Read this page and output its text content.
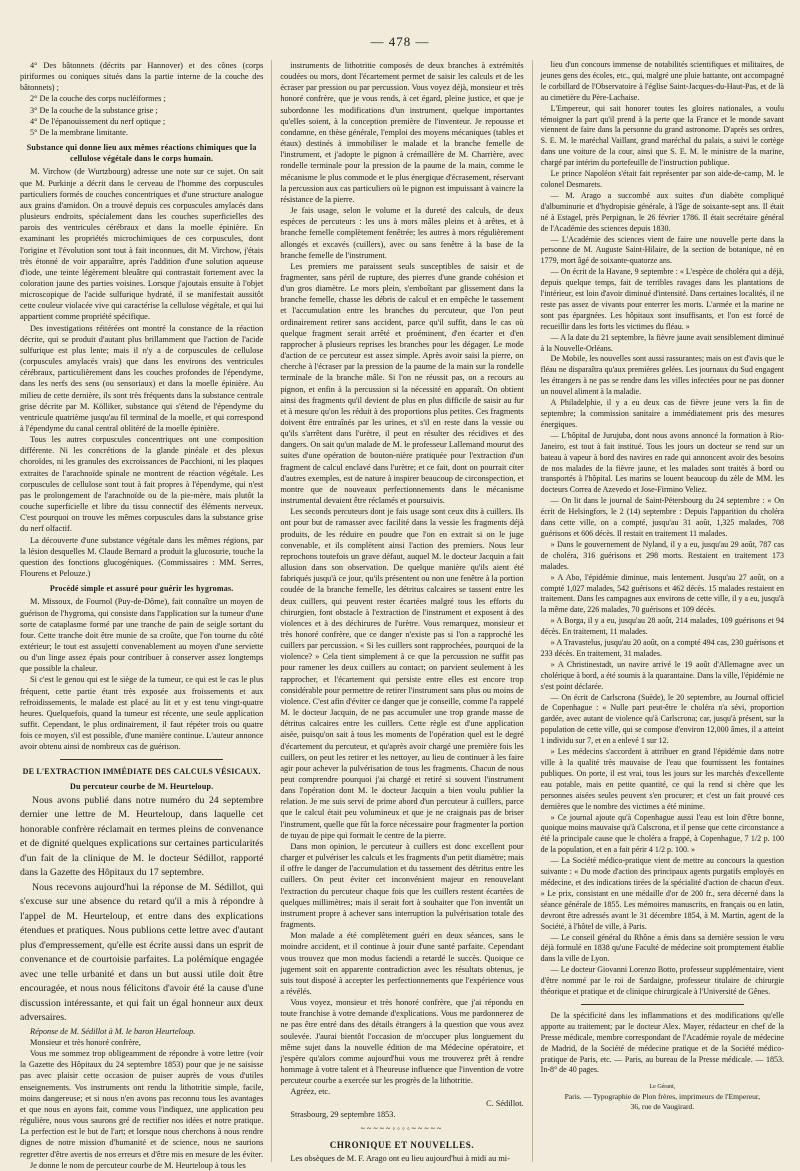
— 478 —

4° Des bâtonnets (décrits par Hannover) et des cônes (corps piriformes ou coniques situés dans la partie interne de la couche des bâtonnets) ;

2° De la couche des corps nucléiformes ;

3° De la couche de la substance grise ;

4° De l'épanouissement du nerf optique ;

5° De la membrane limitante.

Substance qui donne lieu aux mêmes réactions chimiques que la cellulose végétale dans le corps humain.

M. Virchow (de Wurtzbourg) adresse une note sur ce sujet. On sait que M. Purkinje a décrit dans le cerveau de l'homme des corpuscules particuliers formés de couches concentriques et d'une structure analogue aux grains d'amidon. On a trouvé depuis ces corpuscules amylacés dans plusieurs endroits, spécialement dans les couches superficielles des parois des ventricules cérébraux et dans la moelle épinière. En examinant les propriétés microchimiques de ces corpuscules, dont l'origine et l'évolution sont tout à fait inconnues, dit M. Virchow, j'étais très étonné de voir apparaître, après l'addition d'une solution aqueuse d'iode, une teinte légèrement bleuâtre qui contrastait fortement avec la coloration jaune des parties voisines. Lorsque j'ajoutais ensuite à l'objet microscopique de l'acide sulfurique hydraté, il se manifestait aussitôt cette couleur violacée vive qui caractérise la cellulose végétale, et qui lui appartient comme propriété spécifique.

Des investigations réitérées ont montré la constance de la réaction décrite, qui se produit d'autant plus brillamment que l'action de l'acide sulfurique est plus lente; mais il n'y a de corpuscules de cellulose (corpuscules amylacés vrais) que dans les environs des ventricules cérébraux, particulièrement dans les couches profondes de l'épendyme, dans les nerfs des sens (ou sensoriaux) et dans la moelle épinière. Au milieu de cette dernière, ils sont très fréquents dans la substance centrale grise décrite par M. Kölliker, substance qui s'étend de l'épendyme du ventricule quatrième jusqu'au fil terminal de la moelle, et qui correspond à l'épendyme du canal central oblitéré de la moelle épinière.

Tous les autres corpuscules concentriques ont une composition différente. Ni les concrétions de la glande pinéale et des plexus choroïdes, ni les granules des excroissances de Pacchioni, ni les plaques extraites de l'arachnoïde spinale ne montrent de réaction végétale. Les corpuscules de cellulose sont tout à fait propres à l'épendyme, qui n'est pas le prolongement de l'arachnoïde ou de la pie-mère, mais plutôt la couche superficielle et libre du tissu connectif des éléments nerveux. C'est pourquoi on trouve les mêmes corpuscules dans la substance grise du nerf olfactif.

La découverte d'une substance végétale dans les mêmes régions, par la lésion desquelles M. Claude Bernard a produit la glucosurie, touche la question des fonctions glucogéniques. (Commissaires : MM. Serres, Flourens et Pelouze.)

Procédé simple et assuré pour guérir les hygromas.

M. Missoux, de Fournol (Puy-de-Dôme), fait connaître un moyen de guérison de l'hygroma, qui consiste dans l'application sur la tumeur d'une sorte de cataplasme formé par une tranche de pain de seigle sortant du four. Cette tranche doit être munie de sa croûte, que l'on tourne du côté extérieur; le tout est assujetti convenablement au moyen d'une serviette ou d'un linge assez épais pour contribuer à conserver assez longtemps que possible la chaleur.

Si c'est le genou qui est le siège de la tumeur, ce qui est le cas le plus fréquent, cette partie étant très exposée aux froissements et aux refroidissements, le malade est placé au lit et y est tenu vingt-quatre heures. Quelquefois, quand la tumeur est récente, une seule application suffit. Cependant, le plus ordinairement, il faut répéter trois ou quatre fois ce moyen, s'il est possible, d'une manière continue. L'auteur annonce avoir obtenu ainsi de nombreux cas de guérison.

DE L'EXTRACTION IMMÉDIATE DES CALCULS VÉSICAUX.
Du percuteur courbe de M. Heurteloup.

Nous avons publié dans notre numéro du 24 septembre dernier une lettre de M. Heurteloup, dans laquelle cet honorable confrère réclamait en termes pleins de convenance et de dignité quelques explications sur certaines particularités d'un fait de la clinique de M. le docteur Sédillot, rapporté dans la Gazette des Hôpitaux du 17 septembre.

Nous recevons aujourd'hui la réponse de M. Sédillot, qui s'excuse sur une absence du retard qu'il a mis à répondre à l'appel de M. Heurteloup, et entre dans des explications étendues et pratiques. Nous publions cette lettre avec d'autant plus d'empressement, qu'elle est écrite aussi dans un esprit de convenance et de courtoisie parfaites. La polémique engagée avec une telle urbanité et dans un but aussi utile doit être encouragée, et nous nous félicitons d'avoir été la cause d'une discussion intéressante, et qui fait un égal honneur aux deux adversaires.

Réponse de M. Sédillot à M. le baron Heurteloup.

Monsieur et très honoré confrère,

Vous me sommez trop obligeamment de répondre à votre lettre (voir la Gazette des Hôpitaux du 24 septembre 1853) pour que je ne saisisse pas avec plaisir cette occasion de puiser auprès de vous d'utiles enseignements. Vos instruments ont rendu la lithotritie simple, facile, moins dangereuse; et si nous n'en avons pas reconnu tous les avantages et que nous en ayons fait, comme vous l'indiquez, une application peu régulière, nous vous saurons gré de rectifier nos idées et notre pratique. La perfection est le but de l'art; et lorsque nous cherchons à nous rendre dignes de notre mission d'humanité et de science, nous ne saurions regretter d'être avertis de nos erreurs et d'être mis en mesure de les éviter.

Je donne le nom de percuteur courbe de M. Heurteloup à tous les

instruments de lithotritie composés de deux branches à extrémités coudées ou mors, dont l'écartement permet de saisir les calculs et de les écraser par pression ou par percussion. Vous voyez déjà, monsieur et très honoré confrère, que je vous rends, à cet égard, pleine justice, et que je subordonne les modifications d'un instrument, quelque importantes qu'elles soient, à la conception première de l'inventeur. Je repousse et condamne, en thèse générale, l'emploi des moyens mécaniques (tables et étaux) destinés à immobiliser le malade et la branche femelle de l'instrument, et j'adopte le pignon à crémaillère de M. Charrière, avec rondelle terminale pour la pression de la paume de la main, comme le mécanisme le plus commode et le plus énergique d'écrasement, réservant la percussion aux cas particuliers où le pignon est impuissant à vaincre la résistance de la pierre.

Je fais usage, selon le volume et la dureté des calculs, de deux espèces de percuteurs : les uns à mors mâles pleins et à arêtes, et à branche femelle complètement fenêtrée; les autres à mors régulièrement allongés et excavés (cuillers), avec ou sans fenêtre à la base de la branche femelle de l'instrument.

Les premiers me paraissent seuls susceptibles de saisir et de fragmenter, sans péril de rupture, des pierres d'une grande cohésion et d'un gros diamètre. Le mors plein, s'emboîtant par glissement dans la branche femelle, chasse les débris de calcul et en empêche le tassement et l'accumulation entre les branches du percuteur, que l'on peut ordinairement retirer sans accident, parce qu'il suffit, dans le cas où quelque fragment serait arrêté et proéminent, d'en écarter et d'en rapprocher à plusieurs reprises les branches pour les dégager. Le mode d'action de ce percuteur est assez simple. Après avoir saisi la pierre, on cherche à l'écraser par la pression de la paume de la main sur la rondelle terminale de la branche mâle. Si l'on ne réussit pas, on a recours au pignon, et enfin à la percussion si la nécessité en apparaît. On obtient ainsi des fragments qu'il devient de plus en plus difficile de saisir au fur et à mesure qu'on les réduit à des proportions plus petites. Ces fragments doivent être entraînés par les urines, et s'il en reste dans la vessie ou qu'ils s'arrêtent dans l'urètre, il peut en résulter des récidives et des dangers. On sait qu'un malade de M. le professeur Lallemand mourut des suites d'une opération de bouton-nière pratiquée pour l'extraction d'un fragment de calcul enclavé dans l'urètre; et ce fait, dont on pourrait citer d'autres exemples, est de nature à inspirer beaucoup de circonspection, et montre que de nouveaux perfectionnements dans le mécanisme instrumental devaient être réclamés et poursuivis.

Les seconds percuteurs dont je fais usage sont ceux dits à cuillers. Ils ont pour but de ramasser avec facilité dans la vessie les fragments déjà produits, de les réduire en poudre que l'on en extrait si on le juge convenable, et ils complètent ainsi l'action des premiers. Nous leur reprochons toutefois un grave défaut, auquel M. le docteur Jacquin a fait allusion dans son observation. De quelque manière qu'ils aient été fabriqués jusqu'à ce jour, qu'ils présentent ou non une fenêtre à la portion coudée de la branche femelle, les détritus calcaires se tassent entre les deux cuillers, qui peuvent rester écartées malgré tous les efforts du chirurgien, font obstacle à l'extraction de l'instrument et exposent à des violences et à des déchirures de l'urètre. Vous remarquez, monsieur et très honoré confrère, que ce danger n'existe pas si l'on a rapproché les cuillers par percussion. « Si les cuillers sont rapprochées, pourquoi de la violence? » Cela tient simplement à ce que la percussion ne suffit pas pour ramener les deux cuillers au contact; on parvient seulement à les rapprocher, et l'écartement qui persiste entre elles est encore trop considérable pour permettre de retirer l'instrument sans plus ou moins de violence. C'est afin d'éviter ce danger que je conseille, comme l'a rappelé M. le docteur Jacquin, de ne pas accumuler une trop grande masse de détritus calcaires entre les cuillers. Cette règle est d'une application aisée, puisqu'on sait à tous les moments de l'opération quel est le degré d'écartement du percuteur, et qu'après avoir chargé une première fois les cuillers, on peut les retirer et les nettoyer, au lieu de continuer à les faire agir pour achever la pulvérisation de tous les fragments. Chacun de nous peut comprendre pourquoi j'ai chargé et retiré si souvent l'instrument dans l'opération dont M. le docteur Jacquin a bien voulu publier la relation. Je me suis servi de prime abord d'un percuteur à cuillers, parce que le calcul était peu volumineux et que je ne craignais pas de briser l'instrument, quelle que fût la force nécessaire pour fragmenter la portion de tuyau de pipe qui formait le centre de la pierre.

Dans mon opinion, le percuteur à cuillers est donc excellent pour charger et pulvériser les calculs et les fragments d'un petit diamètre; mais il offre le danger de l'accumulation et du tassement des détritus entre les cuillers. On peut éviter cet inconvénient majeur en renouvelant l'extraction du percuteur chaque fois que les cuillers restent écartées de quelques millimètres; mais il serait fort à souhaiter que l'on inventât un instrument propre à achever sans interruption la pulvérisation totale des fragments.

Mon malade a été complètement guéri en deux séances, sans le moindre accident, et il continue à jouir d'une santé parfaite. Cependant vous trouvez que mon modus faciendi a retardé le succès. Quoique ce jugement soit en apparente contradiction avec les résultats obtenus, je suis tout disposé à accepter les perfectionnements que l'expérience vous a révélés.

Vous voyez, monsieur et très honoré confrère, que j'ai répondu en toute franchise à votre demande d'explications. Vous me pardonnerez de ne pas être entré dans des détails étrangers à la question que vous avez soulevée. J'aurai bientôt l'occasion de m'occuper plus longuement du même sujet dans la nouvelle édition de ma Médecine opératoire, et j'espère qu'alors comme aujourd'hui vous me trouverez prêt à rendre hommage à votre talent et à l'heureuse influence que l'invention de votre percuteur courbe a exercée sur les progrès de la lithotritie.

Agréez, etc.

C. Sédillot.

Strasbourg, 29 septembre 1853.

~~~~~◦◦◦◦~~~~~
CHRONIQUE ET NOUVELLES.

Les obsèques de M. F. Arago ont eu lieu aujourd'hui à midi au mi-

lieu d'un concours immense de notabilités scientifiques et militaires, de jeunes gens des écoles, etc., qui, malgré une pluie battante, ont accompagné le corbillard de l'Observatoire à l'église Saint-Jacques-du-Haut-Pas, et de là au cimetière du Père-Lachaise.

L'Empereur, qui sait honorer toutes les gloires nationales, a voulu témoigner la part qu'il prend à la perte que la France et le monde savant viennent de faire dans la personne du grand astronome. D'après ses ordres, S. E. M. le maréchal Vaillant, grand maréchal du palais, a suivi le cortège dans une voiture de la cour, ainsi que S. E. M. le ministre de la marine, chargé par intérim du portefeuille de l'instruction publique.

Le prince Napoléon s'était fait représenter par son aide-de-camp, M. le colonel Desmarets.

— M. Arago a succombé aux suites d'un diabète compliqué d'albuminurie et d'hydropisie générale, à l'âge de soixante-sept ans. Il était né à Estagel, près Perpignan, le 26 février 1786. Il était secrétaire général de l'Académie des sciences depuis 1830.

— L'Académie des sciences vient de faire une nouvelle perte dans la personne de M. Auguste Saint-Hilaire, de la section de botanique, né en 1779, mort âgé de soixante-quatorze ans.

— On écrit de la Havane, 9 septembre : « L'espèce de choléra qui a déjà, depuis quelque temps, fait de terribles ravages dans les plantations de l'intérieur, est loin d'avoir diminué d'intensité. Dans certaines localités, il ne reste pas assez de vivants pour enterrer les morts. L'armée et la marine ne sont pas épargnées. Les hôpitaux sont insuffisants, et l'on est forcé de recueillir dans les forts les victimes du fléau. »

— A la date du 21 septembre, la fièvre jaune avait sensiblement diminué à la Nouvelle-Orléans.

De Mobile, les nouvelles sont aussi rassurantes; mais on est d'avis que le fléau ne disparaîtra qu'aux premières gelées. Les journaux du Sud engagent les étrangers à ne pas se rendre dans les villes infectées pour ne pas donner un nouvel aliment à la maladie.

A Philadelphie, il y a eu deux cas de fièvre jeune vers la fin de septembre; la commission sanitaire a immédiatement pris des mesures énergiques.

— L'hôpital de Jurujuba, dont nous avons annoncé la formation à Rio-Janeiro, est tout à fait institué. Tous les jours un docteur se rend sur un bateau à vapeur à bord des navires en rade qui annoncent avoir des besoins de nos malades de la fièvre jaune, et les malades sont traités à bord ou transportés à l'hôpital. Les marins se louent beaucoup du zèle de MM. les docteurs Correa de Azevedo et Jose-Firmino Veliez.

— On lit dans le journal de Saint-Pétersbourg du 24 septembre : « On écrit de Helsingfors, le 2 (14) septembre : Depuis l'apparition du choléra dans cette ville, on a compté, jusqu'au 31 août, 1,325 malades, 708 guérisons et 606 décès. Il restait en traitement 11 malades.

» Dans le gouvernement de Nyland, il y a eu, jusqu'au 29 août, 787 cas de choléra, 316 guérisons et 298 morts. Restaient en traitement 173 malades.

» A Abo, l'épidémie diminue, mais lentement. Jusqu'au 27 août, on a compté 1,027 malades, 542 guérisons et 462 décès. 15 malades restaient en traitement. Dans les campagnes aux environs de cette ville, il y a eu, jusqu'à la même date, 226 malades, 70 guérisons et 109 décès.

» A Borga, il y a eu, jusqu'au 28 août, 214 malades, 109 guérisons et 94 décès. En traitement, 11 malades.

» A Travastelus, jusqu'au 20 août, on a compté 494 cas, 230 guérisons et 233 décès. En traitement, 31 malades.

» A Christinestadt, un navire arrivé le 19 août d'Allemagne avec un cholérique à bord, a été soumis à la quarantaine. Dans la ville, l'épidémie ne s'est point déclarée.

— On écrit de Carlscrona (Suède), le 20 septembre, au Journal officiel de Copenhague : « Nulle part peut-être le choléra n'a sévi, proportion gardée, avec autant de violence qu'à Carlscrona; car, jusqu'à présent, sur la population de cette ville, qui se compose d'environ 12,000 âmes, il a atteint 1 individu sur 7, et en a enlevé 1 sur 12.

» Les médecins s'accordent à attribuer en grand l'épidémie dans notre ville à la qualité très mauvaise de l'eau que fournissent les fontaines publiques. On porte, il est vrai, tous les jours sur les marchés d'excellente eau potable, mais en petite quantité, ce qui la rend si chère que les personnes aisées seules peuvent s'en procurer; et c'est un fait prouvé ces dernières que le nombre des victimes a été minime.

» Ce journal ajoute qu'à Copenhague aussi l'eau est loin d'être bonne, quoique moins mauvaise qu'à Calscrona, et il pense que cette circonstance a été la principale cause que le choléra a frappé, à Copenhague, 7 1/2 p. 100 de la population, et en a fait périr 4 1/2 p. 100. »

— La Société médico-pratique vient de mettre au concours la question suivante : « Du mode d'action des principaux agents purgatifs employés en médecine, et des indications tirées de la spécialité d'action de chacun d'eux. » Le prix, consistant en une médaille d'or de 200 fr., sera décerné dans la séance générale de 1855. Les mémoires manuscrits, en français ou en latin, devront être adressés avant le 31 décembre 1854, à M. Martin, agent de la Société, à l'hôtel de ville, à Paris.

— Le conseil général du Rhône a émis dans sa dernière session le vœu déjà formulé en 1838 qu'une Faculté de médecine soit promptement établie dans la ville de Lyon.

— Le docteur Giovanni Lorenzo Botto, professeur supplémentaire, vient d'être nommé par le roi de Sardaigne, professeur titulaire de chirurgie théorique et pratique et de clinique chirurgicale à l'Université de Gênes.

De la spécificité dans les inflammations et des modifications qu'elle apporte au traitement; par le docteur Alex. Mayer, rédacteur en chef de la Presse médicale, membre correspondant de l'Académie royale de médecine de Madrid, de la Société de médecine pratique et de la Société médico-pratique de Paris, etc. — Paris, au bureau de la Presse médicale. — 1853. In-8° de 40 pages.

Le Gérant,
Paris. — Typographie de Plon frères, imprimeurs de l'Empereur,
36, rue de Vaugirard.
